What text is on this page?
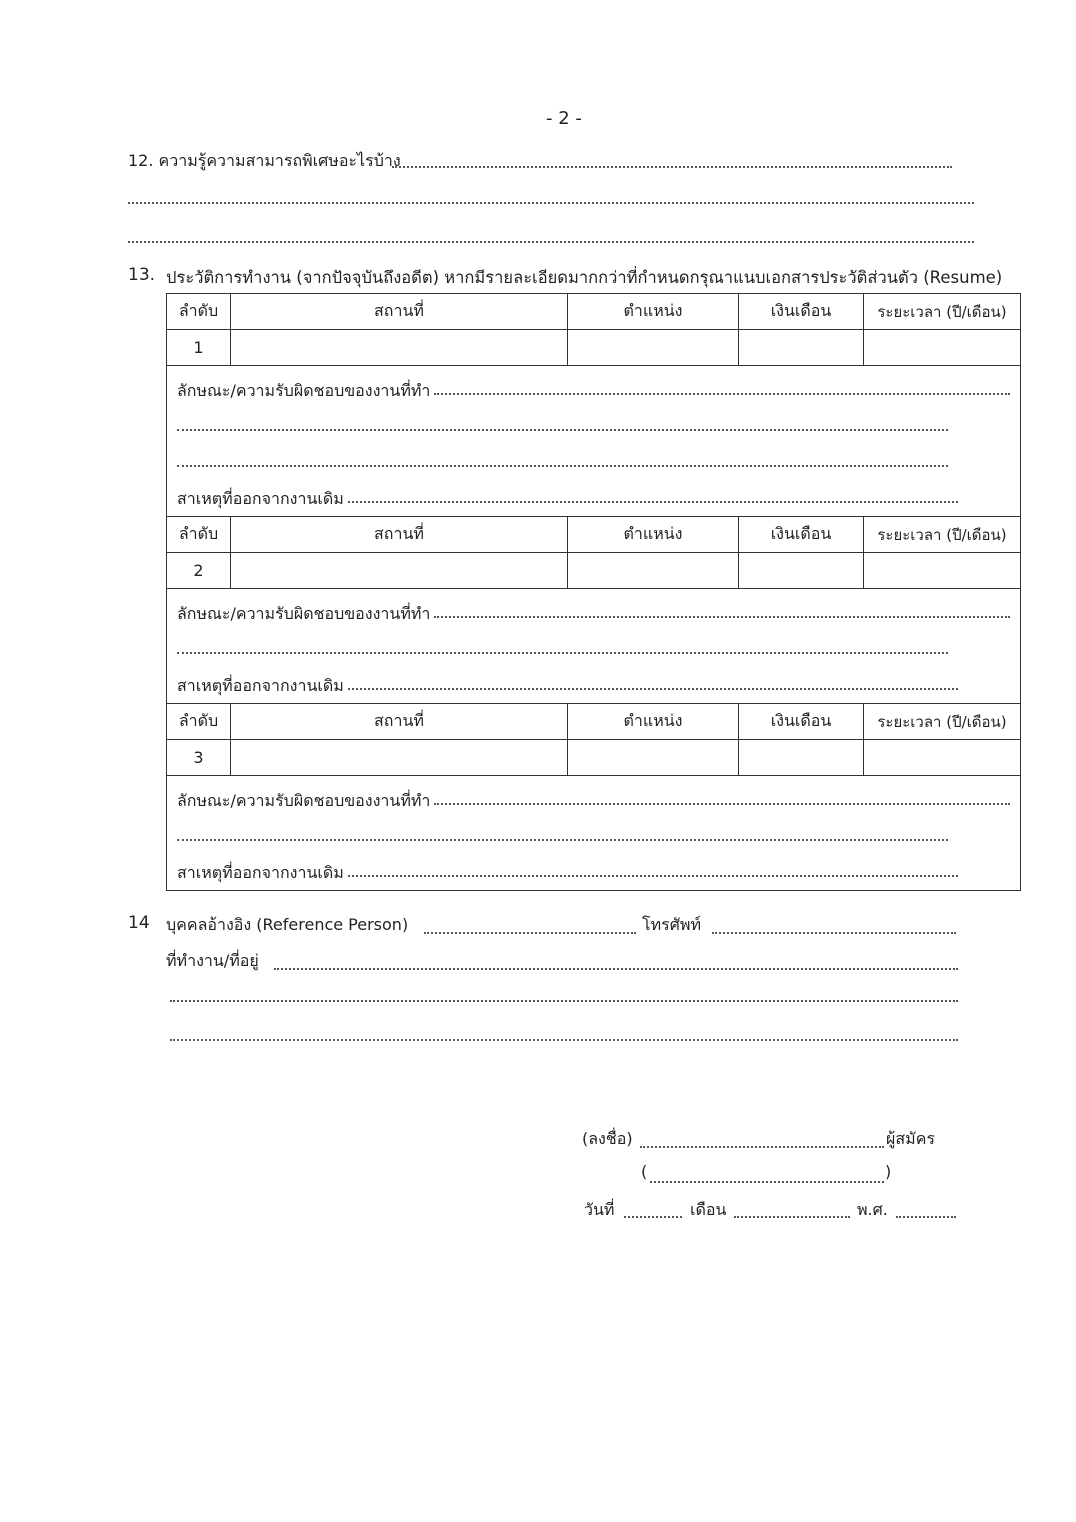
- 2 -
12. ความรู้ความสามารถพิเศษอะไรบ้าง
13. ประวัติการทำงาน (จากปัจจุบันถึงอดีต) หากมีรายละเอียดมากกว่าที่กำหนดกรุณาแนบเอกสารประวัติส่วนตัว (Resume)
ลำดับ	สถานที่	ตำแหน่ง	เงินเดือน	ระยะเวลา (ปี/เดือน)
1				

ลักษณะ/ความรับผิดชอบของงานที่ทำ
สาเหตุที่ออกจากงานเดิม				

ลำดับ	สถานที่	ตำแหน่ง	เงินเดือน	ระยะเวลา (ปี/เดือน)
2				

ลักษณะ/ความรับผิดชอบของงานที่ทำ
สาเหตุที่ออกจากงานเดิม				

ลำดับ	สถานที่	ตำแหน่ง	เงินเดือน	ระยะเวลา (ปี/เดือน)
3				

ลักษณะ/ความรับผิดชอบของงานที่ทำ
สาเหตุที่ออกจากงานเดิม				
14 บุคคลอ้างอิง (Reference Person)	โทรศัพท์
ที่ทำงาน/ที่อยู่
(ลงชื่อ)	ผู้สมัคร
(	)
วันที่	เดือน	พ.ศ.
